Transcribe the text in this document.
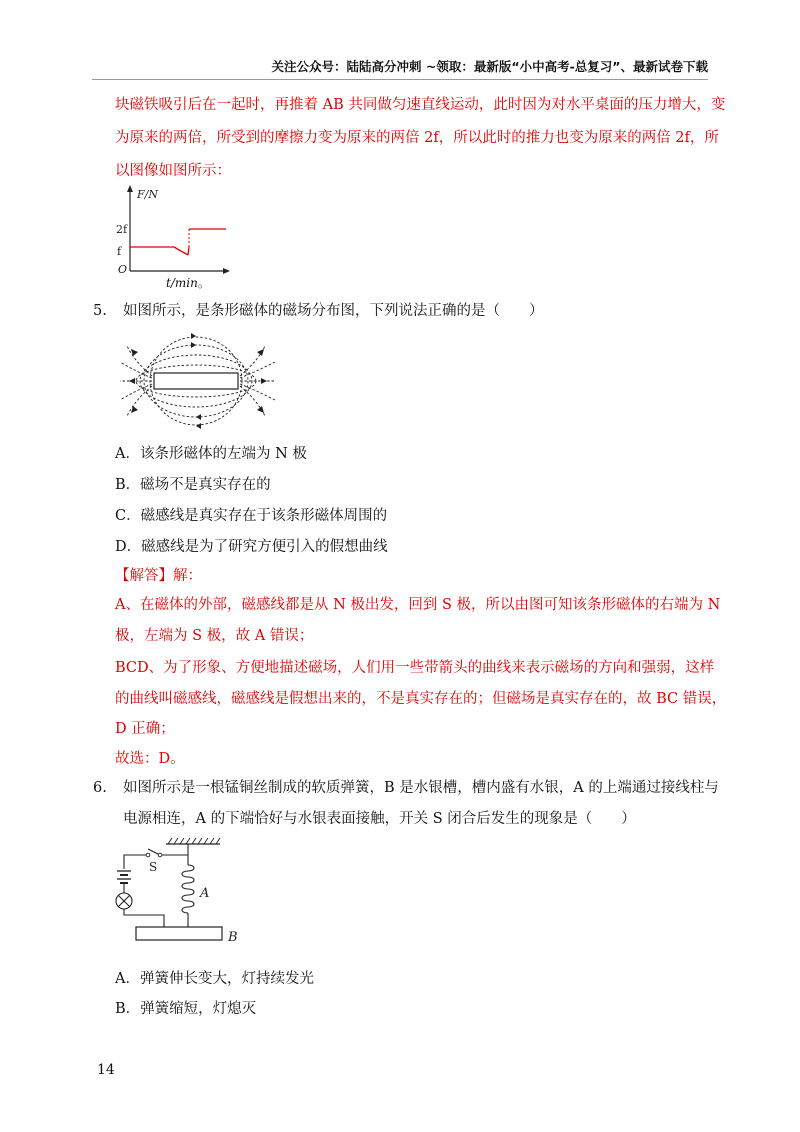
关注公众号：陆陆高分冲刺 ~领取：最新版“小中高考-总复习”、最新试卷下载
块磁铁吸引后在一起时，再推着 AB 共同做匀速直线运动，此时因为对水平桌面的压力增大，变
为原来的两倍，所受到的摩擦力变为原来的两倍 2f，所以此时的推力也变为原来的两倍 2f，所
以图像如图所示：
F/N
2f
f
O
t/min。
5. 如图所示，是条形磁体的磁场分布图，下列说法正确的是（　　）
A．该条形磁体的左端为 N 极
B．磁场不是真实存在的
C．磁感线是真实存在于该条形磁体周围的
D．磁感线是为了研究方便引入的假想曲线
【解答】解：
A、在磁体的外部，磁感线都是从 N 极出发，回到 S 极，所以由图可知该条形磁体的右端为 N
极，左端为 S 极，故 A 错误；
BCD、为了形象、方便地描述磁场，人们用一些带箭头的曲线来表示磁场的方向和强弱，这样
的曲线叫磁感线，磁感线是假想出来的，不是真实存在的；但磁场是真实存在的，故 BC 错误，
D 正确；
故选：D。
6. 如图所示是一根锰铜丝制成的软质弹簧，B 是水银槽，槽内盛有水银，A 的上端通过接线柱与
电源相连，A 的下端恰好与水银表面接触，开关 S 闭合后发生的现象是（　　）
A
S
B
A．弹簧伸长变大，灯持续发光
B．弹簧缩短，灯熄灭
14
